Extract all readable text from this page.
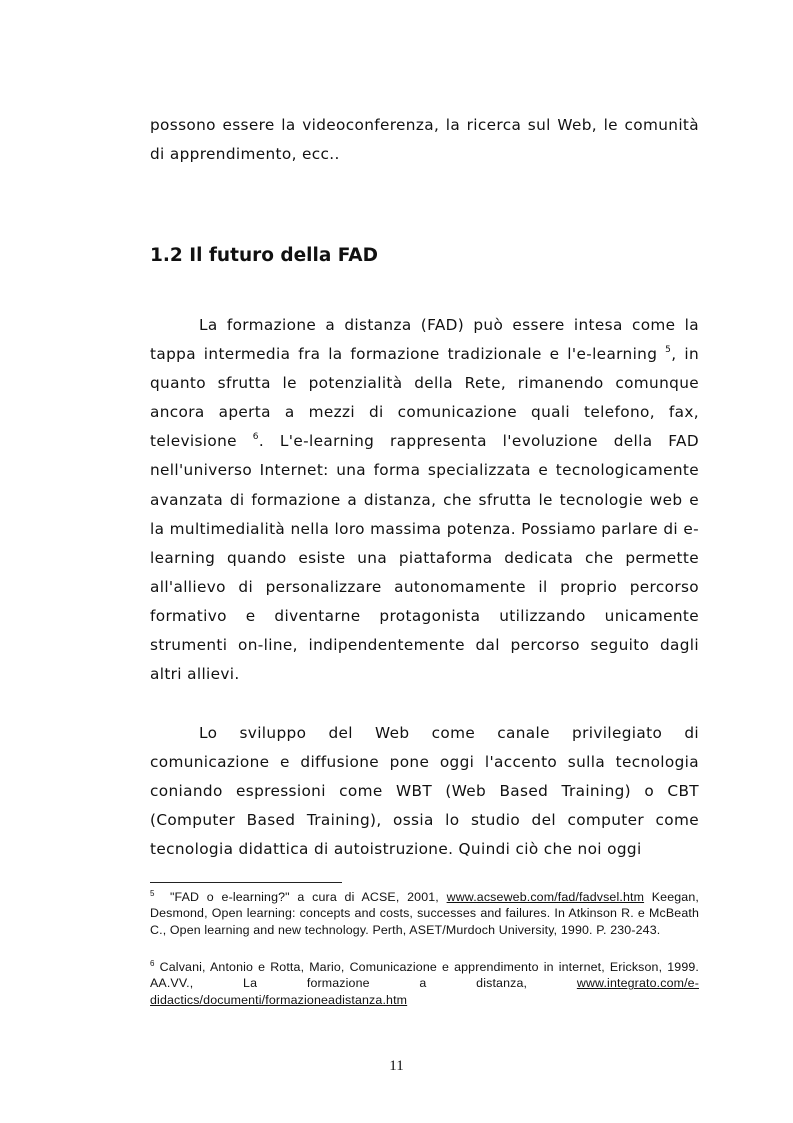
possono essere la videoconferenza, la ricerca sul Web, le comunità di apprendimento, ecc..
1.2 Il futuro della FAD
La formazione a distanza (FAD) può essere intesa come la tappa intermedia fra la formazione tradizionale e l'e-learning $^5$, in quanto sfrutta le potenzialità della Rete, rimanendo comunque ancora aperta a mezzi di comunicazione quali telefono, fax, televisione $^6$. L'e-learning rappresenta l'evoluzione della FAD nell'universo Internet: una forma specializzata e tecnologicamente avanzata di formazione a distanza, che sfrutta le tecnologie web e la multimedialità nella loro massima potenza. Possiamo parlare di e-learning quando esiste una piattaforma dedicata che permette all'allievo di personalizzare autonomamente il proprio percorso formativo e diventarne protagonista utilizzando unicamente strumenti on-line, indipendentemente dal percorso seguito dagli altri allievi.
Lo sviluppo del Web come canale privilegiato di comunicazione e diffusione pone oggi l'accento sulla tecnologia coniando espressioni come WBT (Web Based Training) o CBT (Computer Based Training), ossia lo studio del computer come tecnologia didattica di autoistruzione. Quindi ciò che noi oggi
$^5$ "FAD o e-learning?" a cura di ACSE, 2001, www.acseweb.com/fad/fadvsel.htm Keegan, Desmond, Open learning: concepts and costs, successes and failures. In Atkinson R. e McBeath C., Open learning and new technology. Perth, ASET/Murdoch University, 1990. P. 230-243.
$^6$ Calvani, Antonio e Rotta, Mario, Comunicazione e apprendimento in internet, Erickson, 1999. AA.VV., La formazione a distanza, www.integrato.com/e-didactics/documenti/formazioneadistanza.htm
11
